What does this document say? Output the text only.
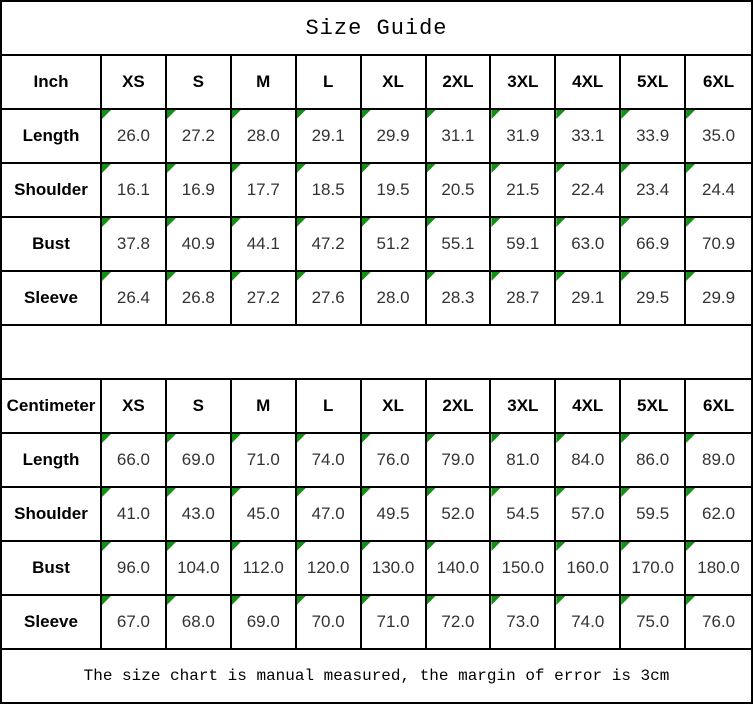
Size Guide
Inch	XS	S	M	L	XL 2XL 3XL 4XL 5XL 6XL
Length 26.0 27.2 28.0 29.1 29.9 31.1 31.9 33.1 33.9 35.0
Shoulder 16.1 16.9 17.7 18.5 19.5 20.5 21.5 22.4 23.4 24.4
Bust	37.8 40.9 44.1 47.2 51.2 55.1 59.1 63.0 66.9 70.9
Sleeve 26.4 26.8 27.2 27.6 28.0 28.3 28.7 29.1 29.5 29.9
Centimeter XS	S	M	L	XL 2XL 3XL 4XL 5XL 6XL
Length 66.0 69.0 71.0 74.0 76.0 79.0 81.0 84.0 86.0 89.0
Shoulder 41.0 43.0 45.0 47.0 49.5 52.0 54.5 57.0 59.5 62.0
Bust	96.0 104.0 112.0 120.0 130.0 140.0 150.0 160.0 170.0 180.0
Sleeve 67.0 68.0 69.0 70.0 71.0 72.0 73.0 74.0 75.0 76.0
The size chart is manual measured, the margin of error is 3cm
